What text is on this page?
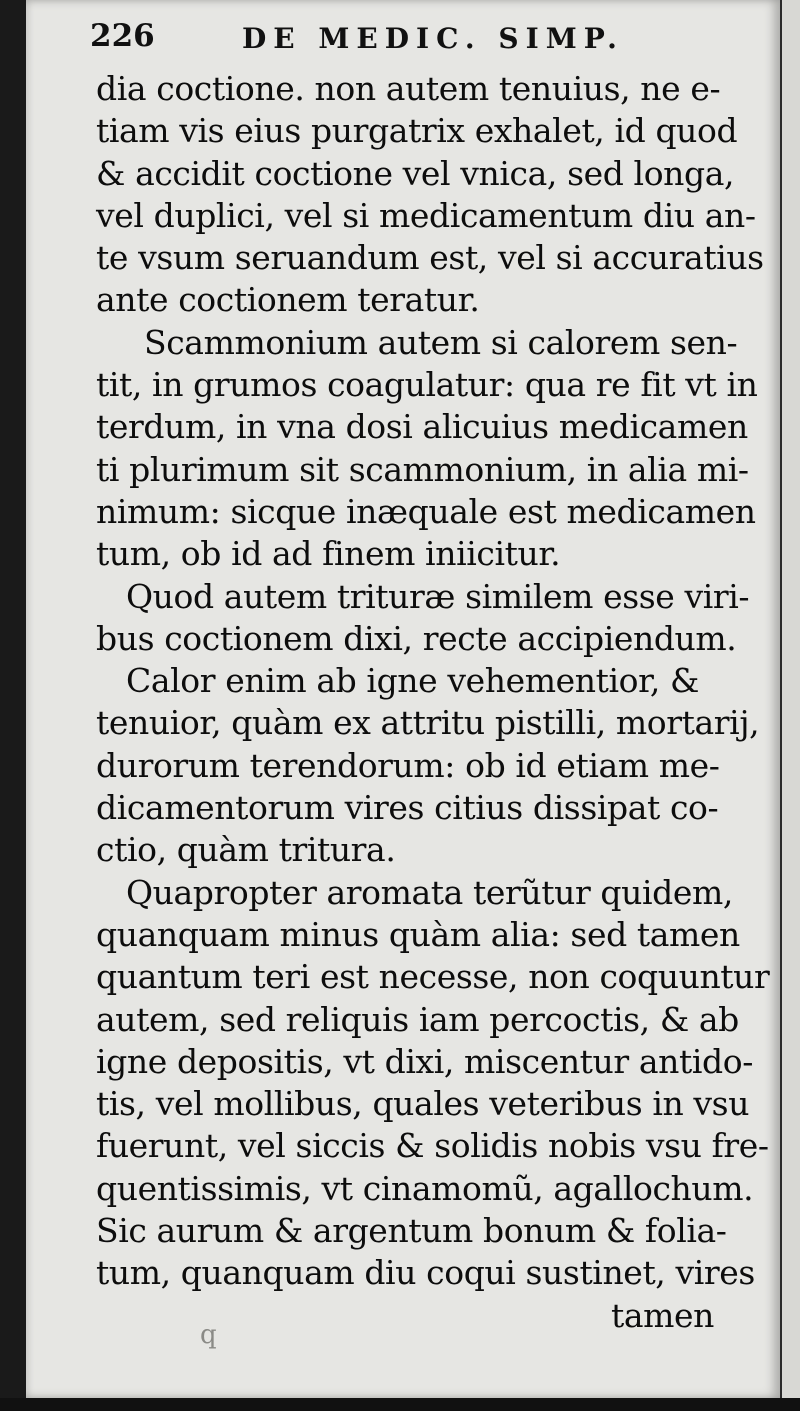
226	DE MEDIC. SIMP.
dia coctione. non autem tenuius, ne e-
tiam vis eius purgatrix exhalet, id quod
& accidit coctione vel vnica, sed longa,
vel duplici, vel si medicamentum diu an-
te vsum seruandum est, vel si accuratius
ante coctionem teratur.
Scammonium autem si calorem sen-
tit, in grumos coagulatur: qua re fit vt in
terdum, in vna dosi alicuius medicamen
ti plurimum sit scammonium, in alia mi-
nimum: sicque inæquale est medicamen
tum, ob id ad finem iniicitur.
Quod autem trituræ similem esse viri-
bus coctionem dixi, recte accipiendum.
Calor enim ab igne vehementior, &
tenuior, quàm ex attritu pistilli, mortarij,
durorum terendorum: ob id etiam me-
dicamentorum vires citius dissipat co-
ctio, quàm tritura.
Quapropter aromata terũtur quidem,
quanquam minus quàm alia: sed tamen
quantum teri est necesse, non coquuntur
autem, sed reliquis iam percoctis, & ab
igne depositis, vt dixi, miscentur antido-
tis, vel mollibus, quales veteribus in vsu
fuerunt, vel siccis & solidis nobis vsu fre-
quentissimis, vt cinamomũ, agallochum.
Sic aurum & argentum bonum & folia-
tum, quanquam diu coqui sustinet, vires
tamen
q
